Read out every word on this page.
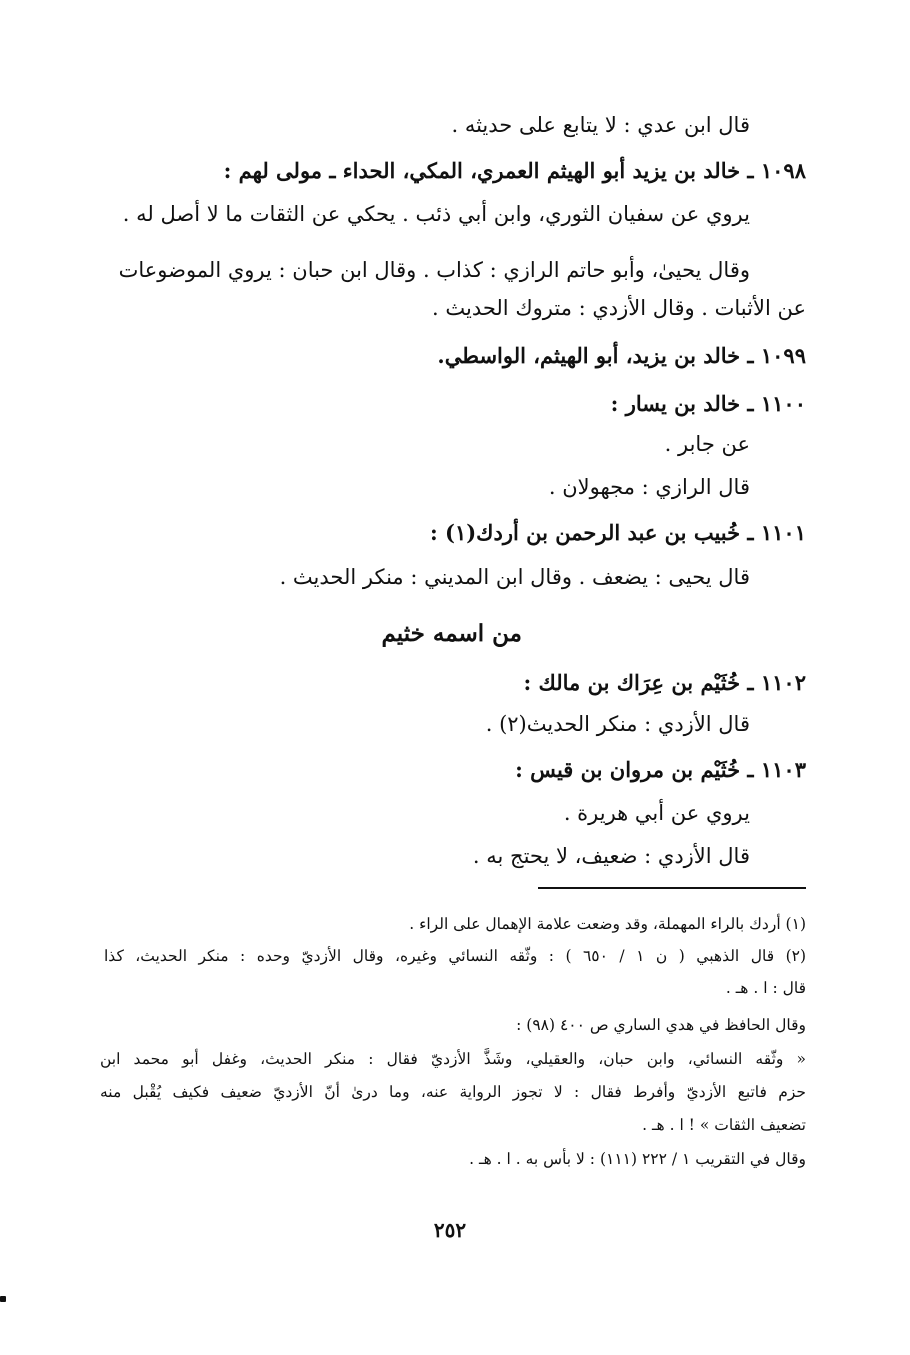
قال ابن عدي : لا يتابع على حديثه .
١٠٩٨ ـ خالد بن يزيد أبو الهيثم العمري، المكي، الحداء ـ مولى لهم :
يروي عن سفيان الثوري، وابن أبي ذئب . يحكي عن الثقات ما لا أصل له .
وقال يحيىٰ، وأبو حاتم الرازي : كذاب . وقال ابن حبان : يروي الموضوعات
عن الأثبات . وقال الأزدي : متروك الحديث .
١٠٩٩ ـ خالد بن يزيد، أبو الهيثم، الواسطي.
١١٠٠ ـ خالد بن يسار :
عن جابر .
قال الرازي : مجهولان .
١١٠١ ـ خُبيب بن عبد الرحمن بن أردك(١) :
قال يحيى : يضعف . وقال ابن المديني : منكر الحديث .
من اسمه خثيم
١١٠٢ ـ خُثَيْم بن عِرَاك بن مالك :
قال الأزدي : منكر الحديث(٢) .
١١٠٣ ـ خُثَيْم بن مروان بن قيس :
يروي عن أبي هريرة .
قال الأزدي : ضعيف، لا يحتج به .
(١) أردك بالراء المهملة، وقد وضعت علامة الإهمال على الراء .
(٢) قال الذهبي ( ن ١ / ٦٥٠ ) : وثّقه النسائي وغيره، وقال الأزديّ وحده : منكر الحديث، كذا
قال : ا . هـ .
وقال الحافظ في هدي الساري ص ٤٠٠ (٩٨) :
« وثّقه النسائي، وابن حبان، والعقيلي، وشَذَّ الأزديّ فقال : منكر الحديث، وغفل أبو محمد ابن
حزم فاتبع الأزديّ وأفرط فقال : لا تجوز الرواية عنه، وما درىٰ أنّ الأزديّ ضعيف فكيف يُقْبل منه
تضعيف الثقات » ! ا . هـ .
وقال في التقريب ١ / ٢٢٢ (١١١) : لا بأس به . ا . هـ .
٢٥٢
